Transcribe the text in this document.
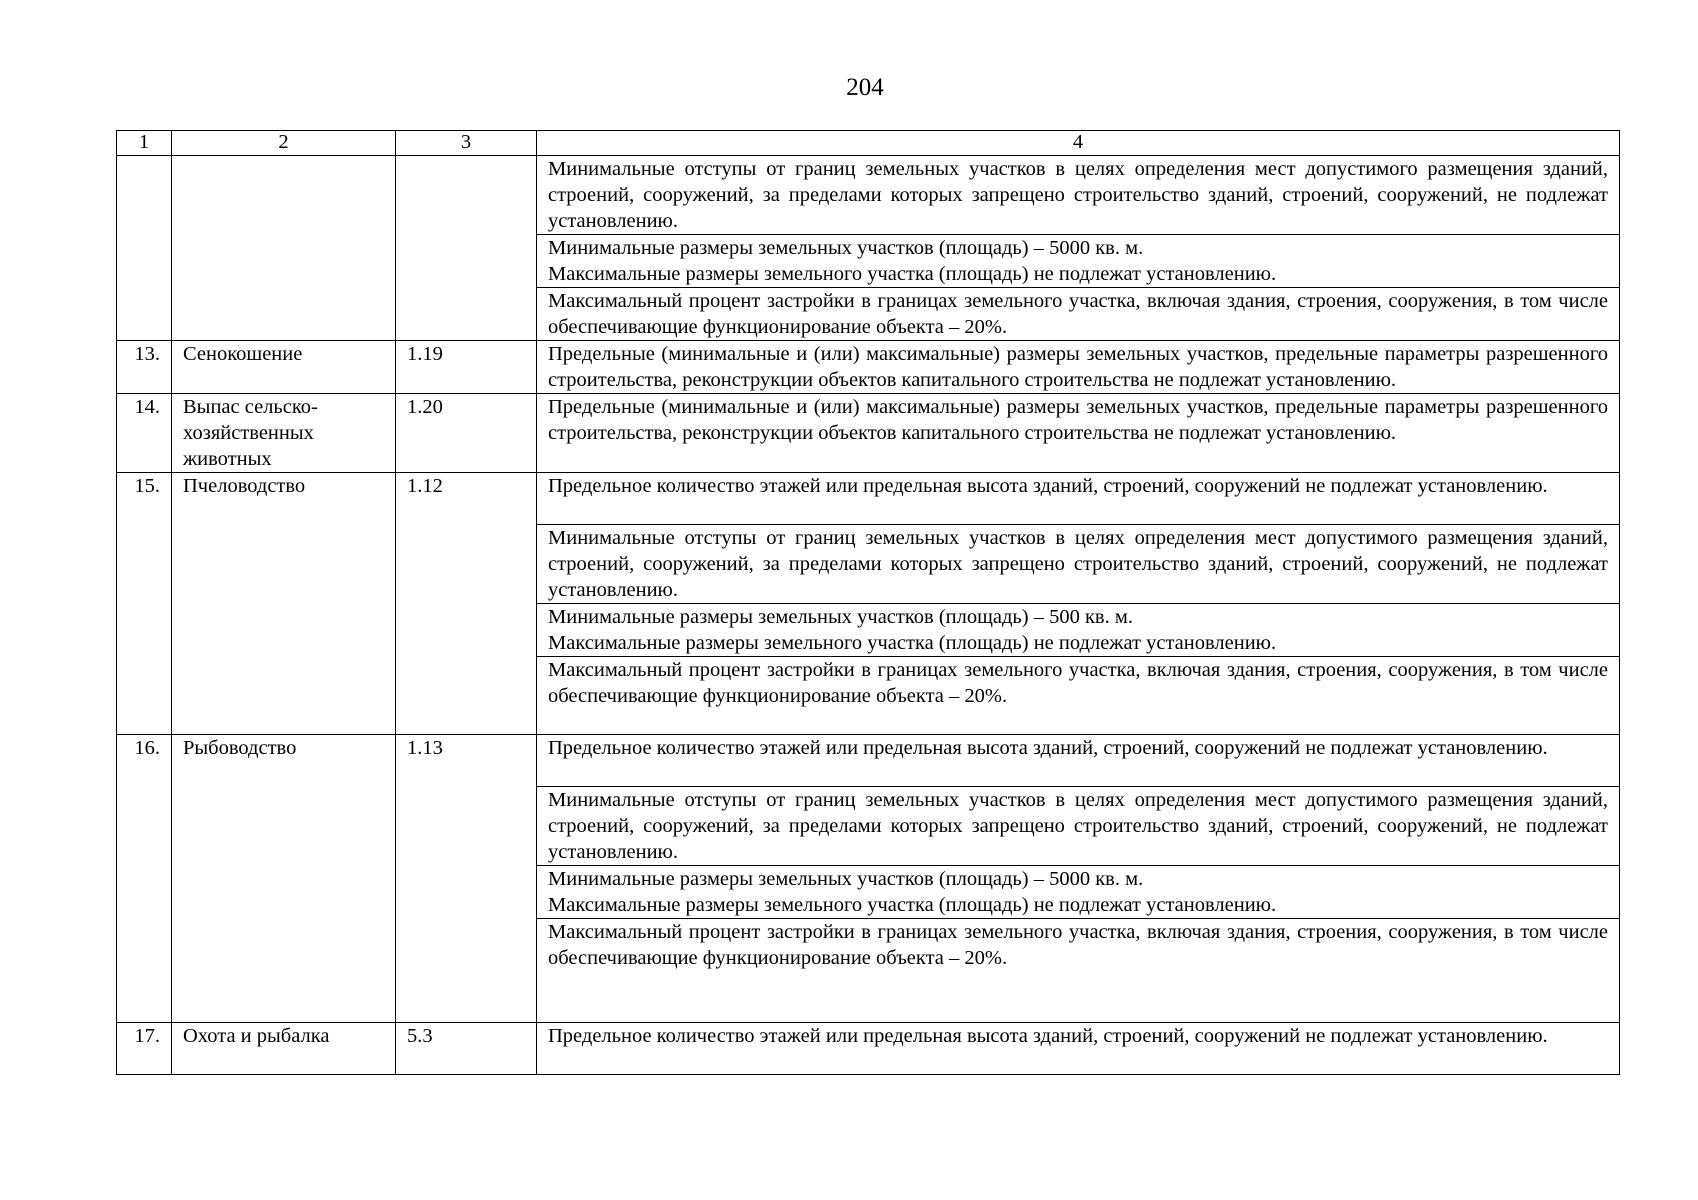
204
1	2	3	4
			Минимальные отступы от границ земельных участков в целях определения мест допустимого размещения зданий, строений, сооружений, за пределами которых запрещено строительство зданий, строений, сооружений, не подлежат установлению.

			Минимальные размеры земельных участков (площадь) – 5000 кв. м.
Максимальные размеры земельного участка (площадь) не подлежат установлению.

			Максимальный процент застройки в границах земельного участка, включая здания, строения, сооружения, в том числе обеспечивающие функционирование объекта – 20%.
13.	Сенокошение	1.19	Предельные (минимальные и (или) максимальные) размеры земельных участков, предельные параметры разрешенного строительства, реконструкции объектов капитального строительства не подлежат установлению.
14.	Выпас сельско-хозяйственных животных	1.20	Предельные (минимальные и (или) максимальные) размеры земельных участков, предельные параметры разрешенного строительства, реконструкции объектов капитального строительства не подлежат установлению.
15.	Пчеловодство	1.12	Предельное количество этажей или предельная высота зданий, строений, сооружений не подлежат установлению.
			Минимальные отступы от границ земельных участков в целях определения мест допустимого размещения зданий, строений, сооружений, за пределами которых запрещено строительство зданий, строений, сооружений, не подлежат установлению.

			Минимальные размеры земельных участков (площадь) – 500 кв. м.
Максимальные размеры земельного участка (площадь) не подлежат установлению.

			Максимальный процент застройки в границах земельного участка, включая здания, строения, сооружения, в том числе обеспечивающие функционирование объекта – 20%.
16.	Рыбоводство	1.13	Предельное количество этажей или предельная высота зданий, строений, сооружений не подлежат установлению.
			Минимальные отступы от границ земельных участков в целях определения мест допустимого размещения зданий, строений, сооружений, за пределами которых запрещено строительство зданий, строений, сооружений, не подлежат установлению.

			Минимальные размеры земельных участков (площадь) – 5000 кв. м.
Максимальные размеры земельного участка (площадь) не подлежат установлению.

			Максимальный процент застройки в границах земельного участка, включая здания, строения, сооружения, в том числе обеспечивающие функционирование объекта – 20%.
17.	Охота и рыбалка	5.3	Предельное количество этажей или предельная высота зданий, строений, сооружений не подлежат установлению.
